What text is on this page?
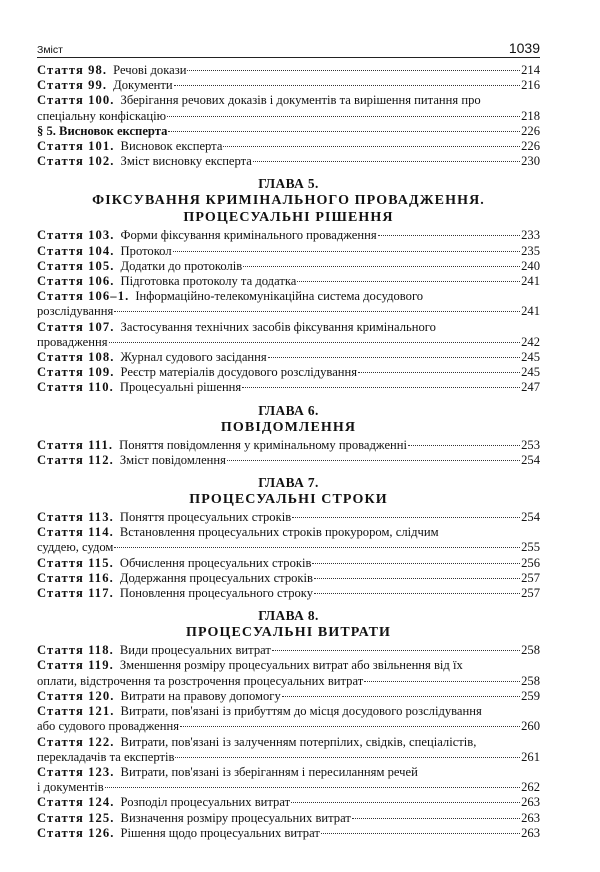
Зміст	1039
Стаття 98. Речові докази	214
Стаття 99. Документи	216
Стаття 100. Зберігання речових доказів і документів та вирішення питання про
спеціальну конфіскацію	218
§ 5. Висновок експерта	226
Стаття 101. Висновок експерта	226
Стаття 102. Зміст висновку експерта	230
ГЛАВА 5.
ФІКСУВАННЯ КРИМІНАЛЬНОГО ПРОВАДЖЕННЯ.
ПРОЦЕСУАЛЬНІ РІШЕННЯ
Стаття 103. Форми фіксування кримінального провадження	233
Стаття 104. Протокол	235
Стаття 105. Додатки до протоколів	240
Стаття 106. Підготовка протоколу та додатка	241
Стаття 106–1. Інформаційно-телекомунікаційна система досудового
розслідування	241
Стаття 107. Застосування технічних засобів фіксування кримінального
провадження	242
Стаття 108. Журнал судового засідання	245
Стаття 109. Реєстр матеріалів досудового розслідування	245
Стаття 110. Процесуальні рішення	247
ГЛАВА 6.
ПОВІДОМЛЕННЯ
Стаття 111. Поняття повідомлення у кримінальному провадженні	253
Стаття 112. Зміст повідомлення	254
ГЛАВА 7.
ПРОЦЕСУАЛЬНІ СТРОКИ
Стаття 113. Поняття процесуальних строків	254
Стаття 114. Встановлення процесуальних строків прокурором, слідчим
суддею, судом	255
Стаття 115. Обчислення процесуальних строків	256
Стаття 116. Додержання процесуальних строків	257
Стаття 117. Поновлення процесуального строку	257
ГЛАВА 8.
ПРОЦЕСУАЛЬНІ ВИТРАТИ
Стаття 118. Види процесуальних витрат	258
Стаття 119. Зменшення розміру процесуальних витрат або звільнення від їх
оплати, відстрочення та розстрочення процесуальних витрат	258
Стаття 120. Витрати на правову допомогу	259
Стаття 121. Витрати, пов'язані із прибуттям до місця досудового розслідування
або судового провадження	260
Стаття 122. Витрати, пов'язані із залученням потерпілих, свідків, спеціалістів,
перекладачів та експертів	261
Стаття 123. Витрати, пов'язані із зберіганням і пересиланням речей
і документів	262
Стаття 124. Розподіл процесуальних витрат	263
Стаття 125. Визначення розміру процесуальних витрат	263
Стаття 126. Рішення щодо процесуальних витрат	263
